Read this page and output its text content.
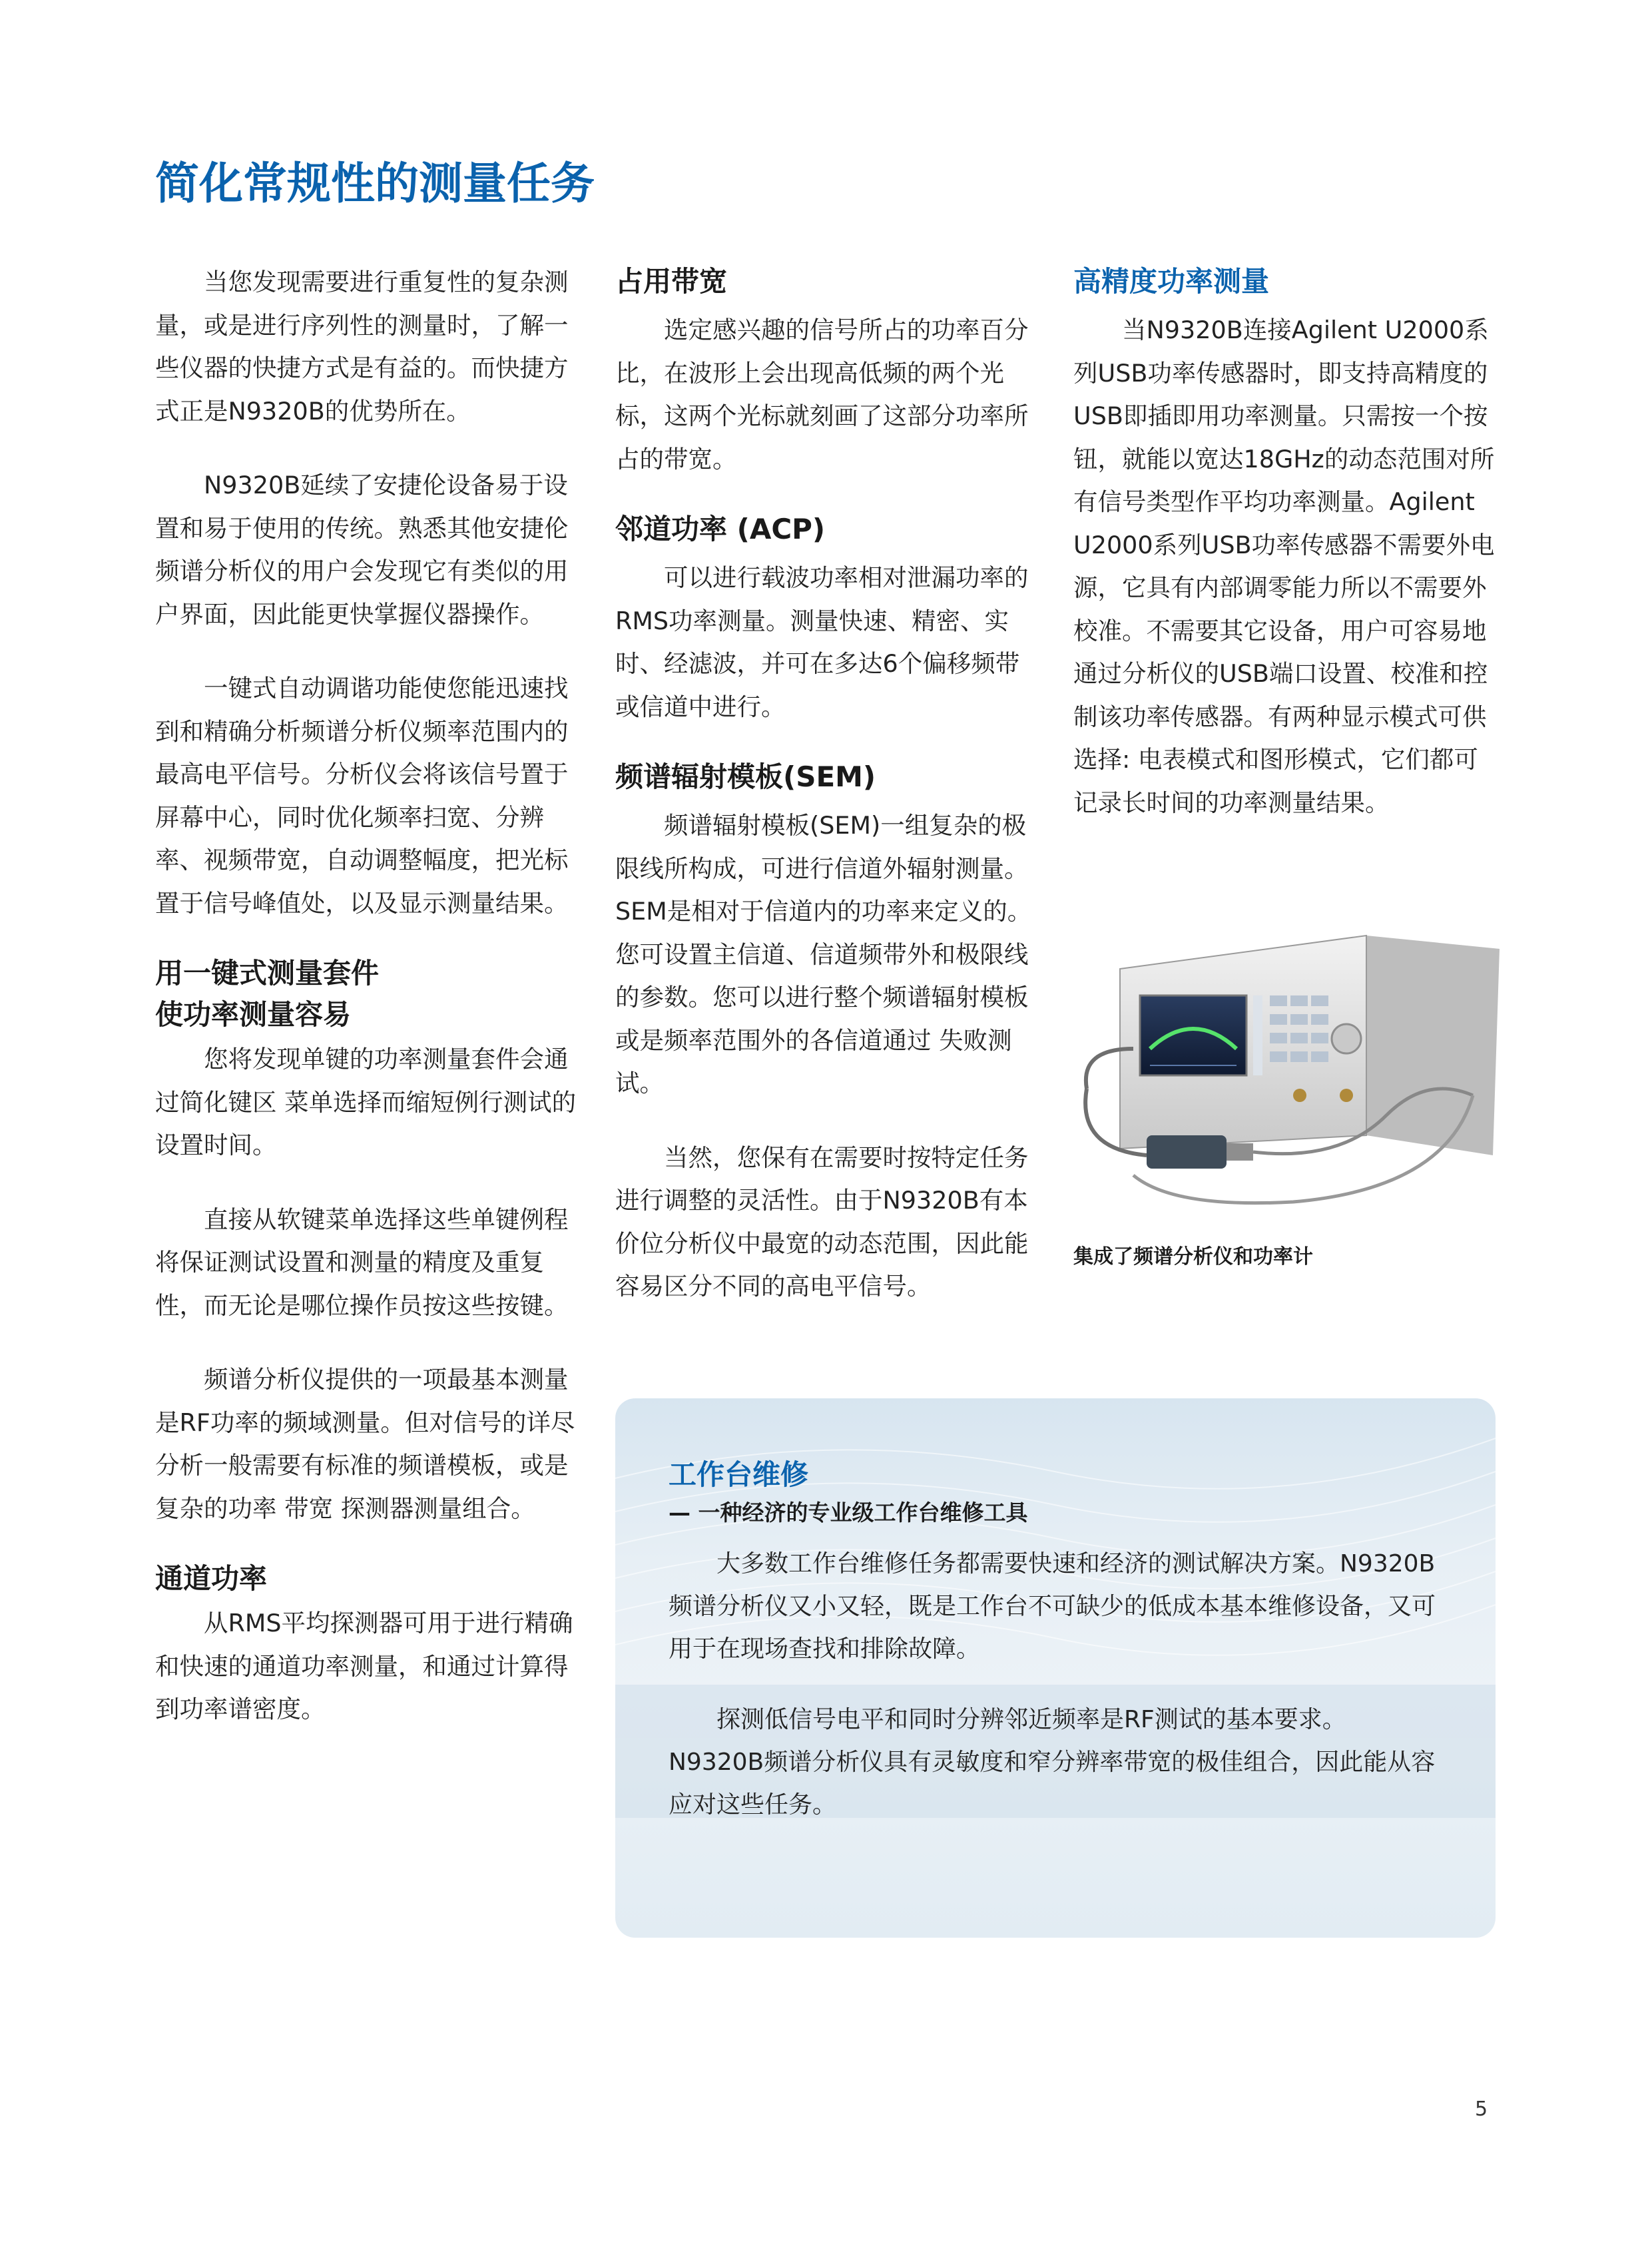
简化常规性的测量任务

当您发现需要进行重复性的复杂测量，或是进行序列性的测量时，了解一些仪器的快捷方式是有益的。而快捷方式正是N9320B的优势所在。

N9320B延续了安捷伦设备易于设置和易于使用的传统。熟悉其他安捷伦频谱分析仪的用户会发现它有类似的用户界面，因此能更快掌握仪器操作。

一键式自动调谐功能使您能迅速找到和精确分析频谱分析仪频率范围内的最高电平信号。分析仪会将该信号置于屏幕中心，同时优化频率扫宽、分辨率、视频带宽，自动调整幅度，把光标置于信号峰值处，以及显示测量结果。

用一键式测量套件
使功率测量容易

您将发现单键的功率测量套件会通过简化键区 菜单选择而缩短例行测试的设置时间。

直接从软键菜单选择这些单键例程将保证测试设置和测量的精度及重复性，而无论是哪位操作员按这些按键。

频谱分析仪提供的一项最基本测量是RF功率的频域测量。但对信号的详尽分析一般需要有标准的频谱模板，或是复杂的功率 带宽 探测器测量组合。

通道功率

从RMS平均探测器可用于进行精确和快速的通道功率测量，和通过计算得到功率谱密度。

占用带宽

选定感兴趣的信号所占的功率百分比，在波形上会出现高低频的两个光标，这两个光标就刻画了这部分功率所占的带宽。

邻道功率 (ACP)

可以进行载波功率相对泄漏功率的RMS功率测量。测量快速、精密、实时、经滤波，并可在多达6个偏移频带或信道中进行。

频谱辐射模板(SEM)

频谱辐射模板(SEM)一组复杂的极限线所构成，可进行信道外辐射测量。SEM是相对于信道内的功率来定义的。您可设置主信道、信道频带外和极限线的参数。您可以进行整个频谱辐射模板或是频率范围外的各信道通过 失败测试。

当然，您保有在需要时按特定任务进行调整的灵活性。由于N9320B有本价位分析仪中最宽的动态范围，因此能容易区分不同的高电平信号。

高精度功率测量

当N9320B连接Agilent U2000系列USB功率传感器时，即支持高精度的USB即插即用功率测量。只需按一个按钮，就能以宽达18GHz的动态范围对所有信号类型作平均功率测量。Agilent U2000系列USB功率传感器不需要外电源，它具有内部调零能力所以不需要外校准。不需要其它设备，用户可容易地通过分析仪的USB端口设置、校准和控制该功率传感器。有两种显示模式可供选择: 电表模式和图形模式，它们都可记录长时间的功率测量结果。

集成了频谱分析仪和功率计
工作台维修
— 一种经济的专业级工作台维修工具

大多数工作台维修任务都需要快速和经济的测试解决方案。N9320B频谱分析仪又小又轻，既是工作台不可缺少的低成本基本维修设备，又可用于在现场查找和排除故障。

探测低信号电平和同时分辨邻近频率是RF测试的基本要求。N9320B频谱分析仪具有灵敏度和窄分辨率带宽的极佳组合，因此能从容应对这些任务。

5
